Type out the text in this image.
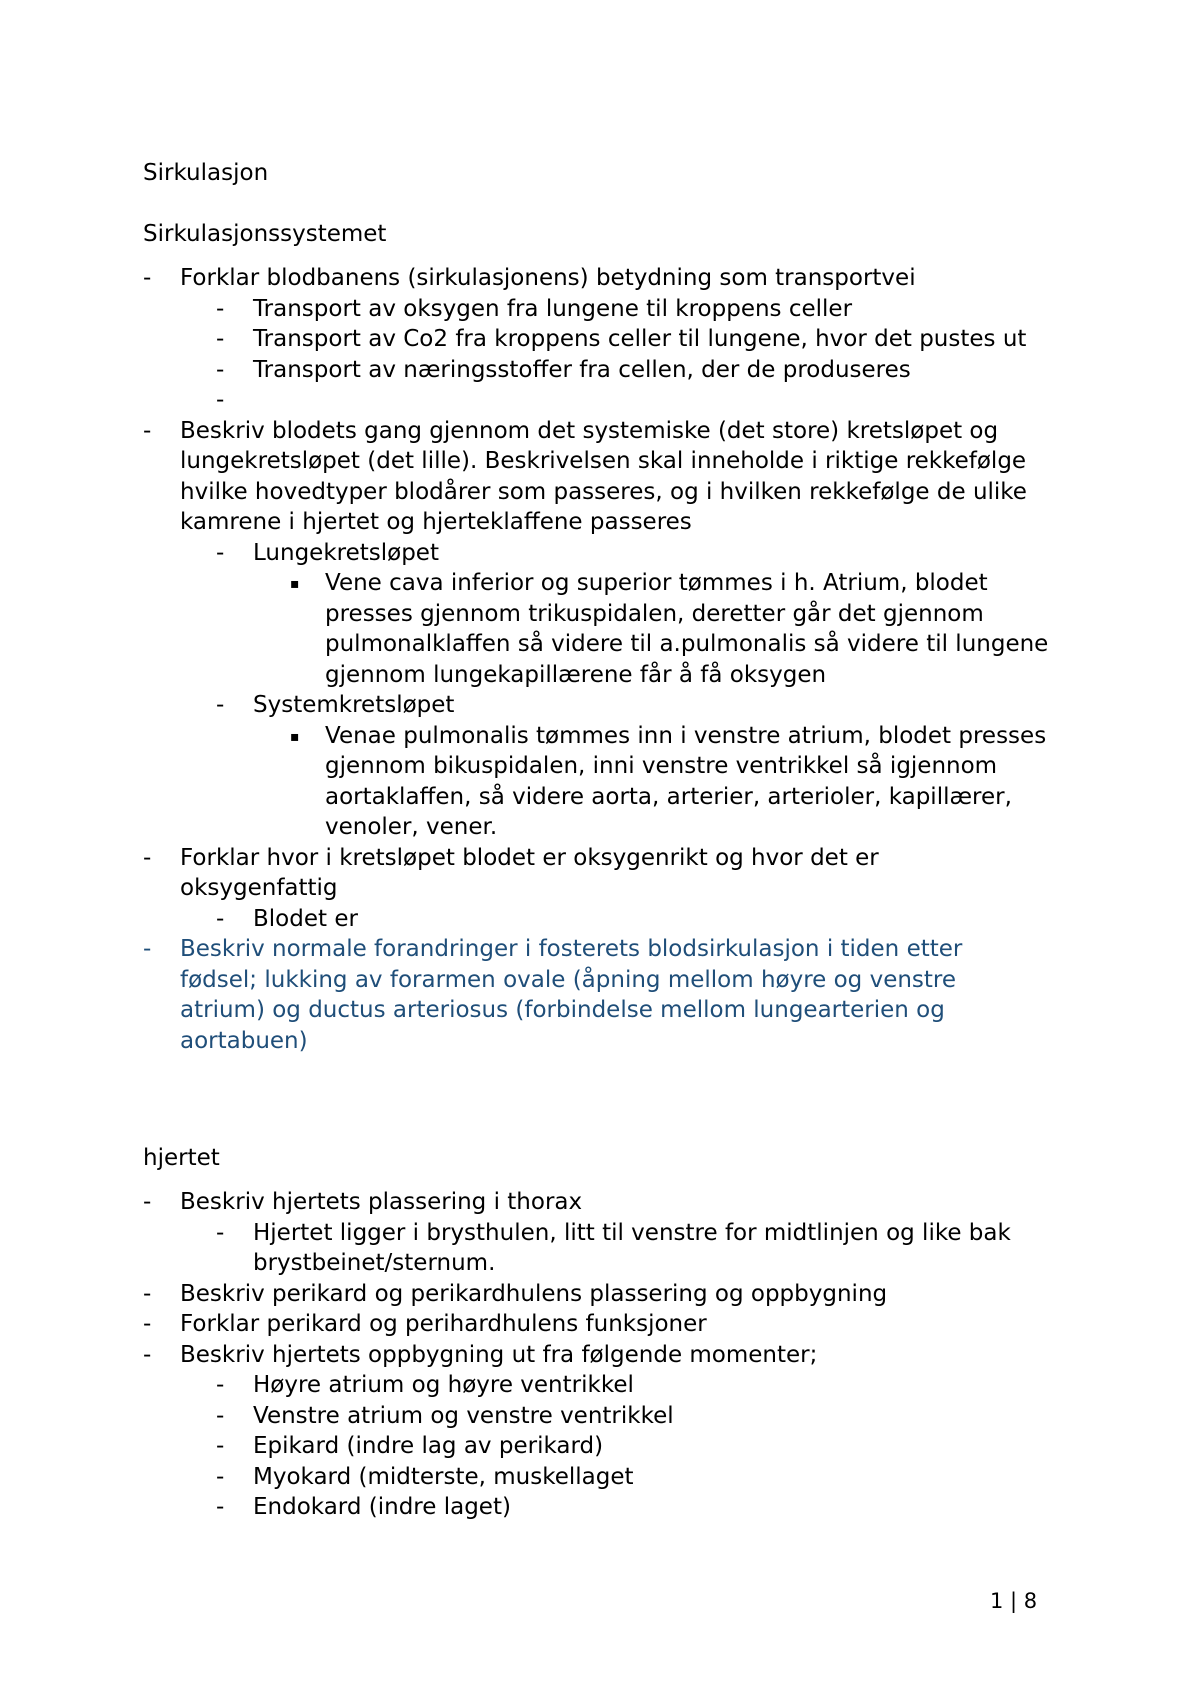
Sirkulasjon

Sirkulasjonssystemet

- Forklar blodbanens (sirkulasjonens) betydning som transportvei
- Transport av oksygen fra lungene til kroppens celler
- Transport av Co2 fra kroppens celler til lungene, hvor det pustes ut
- Transport av næringsstoffer fra cellen, der de produseres
-
- Beskriv blodets gang gjennom det systemiske (det store) kretsløpet og lungekretsløpet (det lille). Beskrivelsen skal inneholde i riktige rekkefølge hvilke hovedtyper blodårer som passeres, og i hvilken rekkefølge de ulike kamrene i hjertet og hjerteklaffene passeres
- Lungekretsløpet
▪ Vene cava inferior og superior tømmes i h. Atrium, blodet presses gjennom trikuspidalen, deretter går det gjennom pulmonalklaffen så videre til a.pulmonalis så videre til lungene gjennom lungekapillærene får å få oksygen
- Systemkretsløpet
▪ Venae pulmonalis tømmes inn i venstre atrium, blodet presses gjennom bikuspidalen, inni venstre ventrikkel så igjennom aortaklaffen, så videre aorta, arterier, arterioler, kapillærer, venoler, vener.
- Forklar hvor i kretsløpet blodet er oksygenrikt og hvor det er oksygenfattig
- Blodet er
- Beskriv normale forandringer i fosterets blodsirkulasjon i tiden etter fødsel; lukking av forarmen ovale (åpning mellom høyre og venstre atrium) og ductus arteriosus (forbindelse mellom lungearterien og aortabuen)

hjertet

- Beskriv hjertets plassering i thorax
- Hjertet ligger i brysthulen, litt til venstre for midtlinjen og like bak brystbeinet/sternum.
- Beskriv perikard og perikardhulens plassering og oppbygning
- Forklar perikard og perihardhulens funksjoner
- Beskriv hjertets oppbygning ut fra følgende momenter;
- Høyre atrium og høyre ventrikkel
- Venstre atrium og venstre ventrikkel
- Epikard (indre lag av perikard)
- Myokard (midterste, muskellaget
- Endokard (indre laget)
1 | 8
